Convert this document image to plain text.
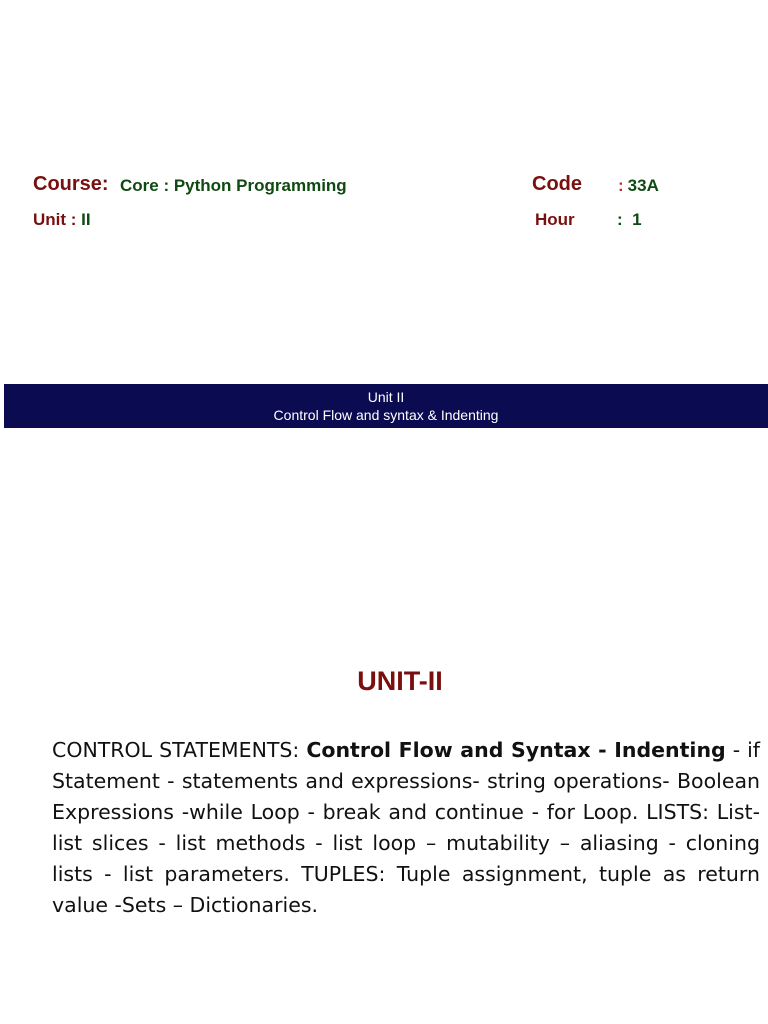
Course: Core : Python Programming	Code : 33A
Unit : II	Hour : 1
Unit II
Control Flow and syntax & Indenting
UNIT-II
CONTROL STATEMENTS: Control Flow and Syntax - Indenting - if Statement - statements and expressions- string operations- Boolean Expressions -while Loop - break and continue - for Loop. LISTS: List- list slices - list methods - list loop – mutability – aliasing - cloning lists - list parameters. TUPLES: Tuple assignment, tuple as return value -Sets – Dictionaries.
